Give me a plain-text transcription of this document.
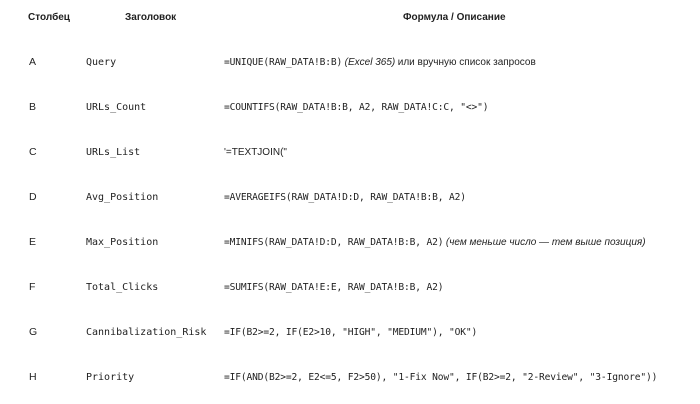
Столбец	Заголовок	Формула / Описание
A	Query	=UNIQUE(RAW_DATA!B:B) (Excel 365) или вручную список запросов
B	URLs_Count	=COUNTIFS(RAW_DATA!B:B, A2, RAW_DATA!C:C, "<>")
C	URLs_List	'=TEXTJOIN("
D	Avg_Position	=AVERAGEIFS(RAW_DATA!D:D, RAW_DATA!B:B, A2)
E	Max_Position	=MINIFS(RAW_DATA!D:D, RAW_DATA!B:B, A2) (чем меньше число — тем выше позиция)
F	Total_Clicks	=SUMIFS(RAW_DATA!E:E, RAW_DATA!B:B, A2)
G	Cannibalization_Risk =IF(B2>=2, IF(E2>10, "HIGH", "MEDIUM"), "OK")
H	Priority	=IF(AND(B2>=2, E2<=5, F2>50), "1-Fix Now", IF(B2>=2, "2-Review", "3-Ignore"))
